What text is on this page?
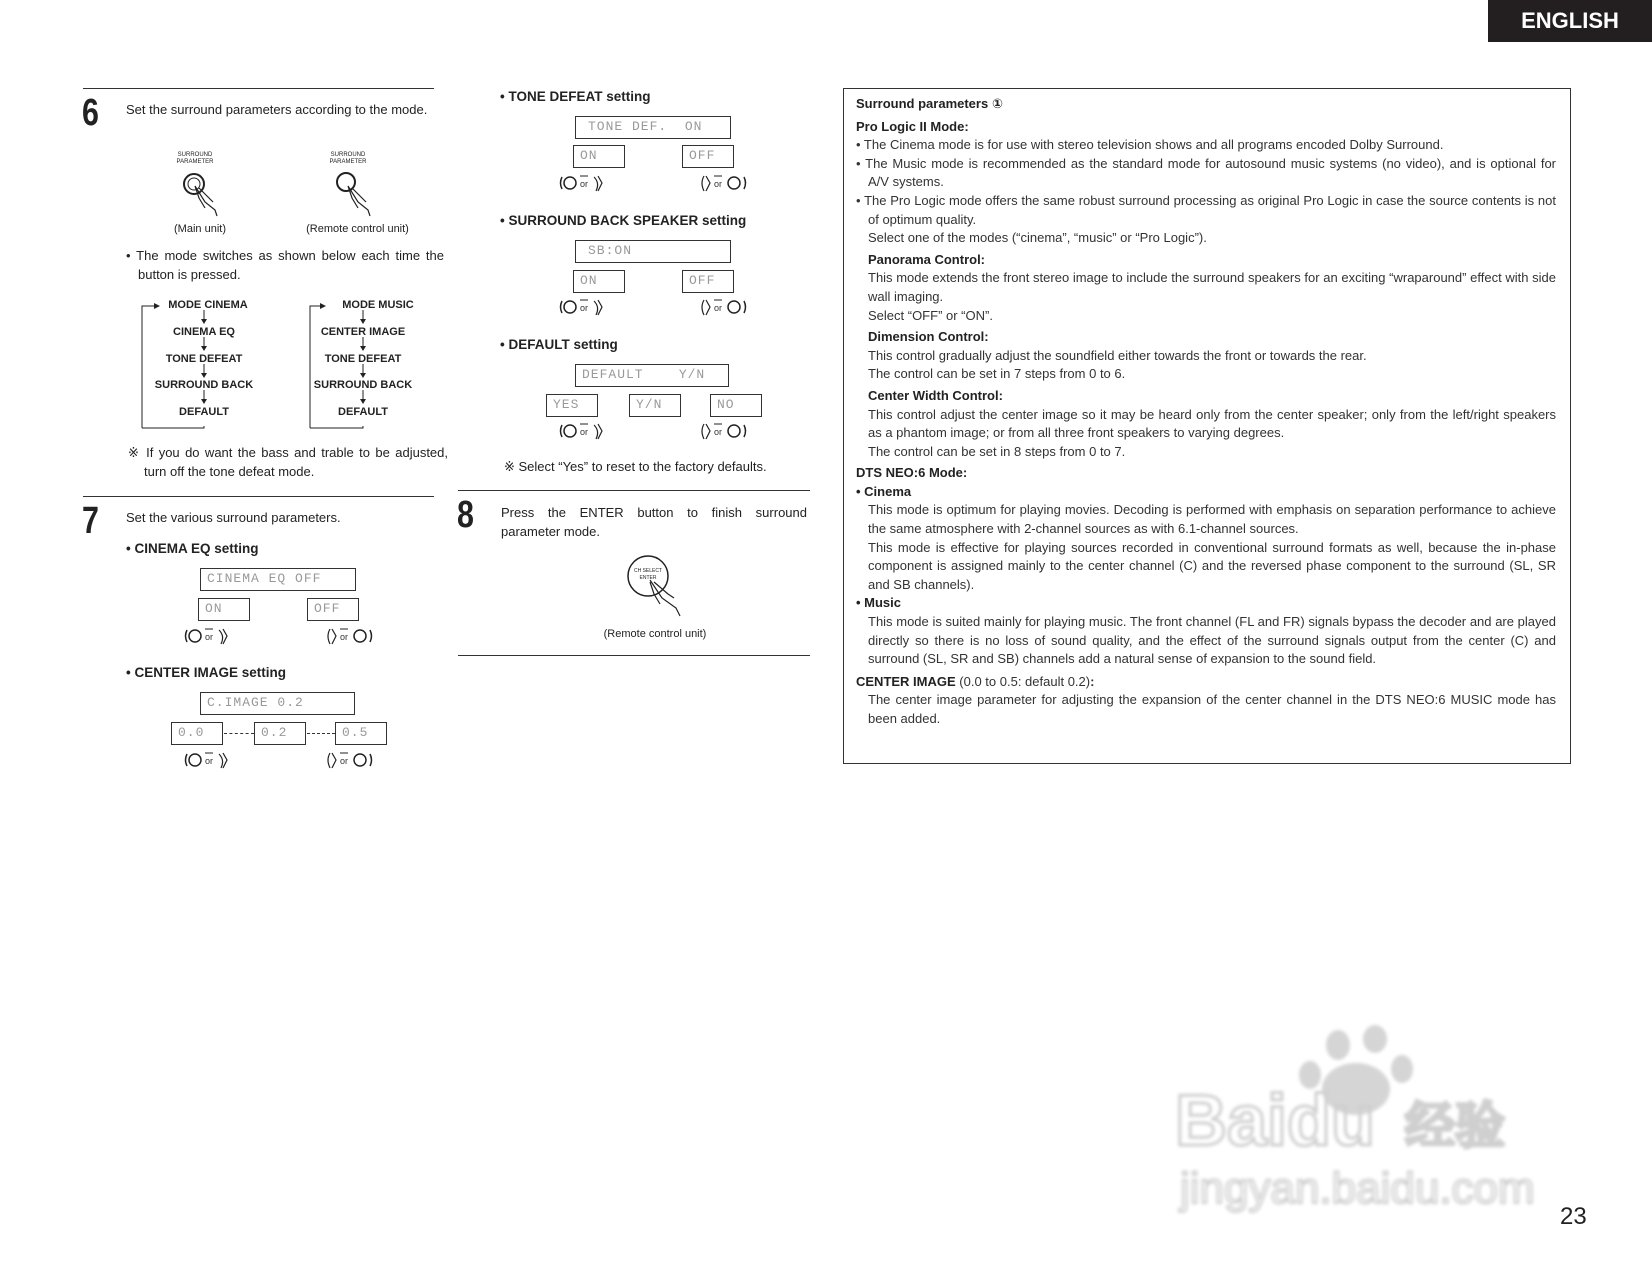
ENGLISH
6 Set the surround parameters according to the mode.
SURROUND PARAMETER
SURROUND PARAMETER
(Main unit)	(Remote control unit)
• The mode switches as shown below each time the button is pressed.
MODE CINEMA
CINEMA EQ
TONE DEFEAT
SURROUND BACK
DEFAULT
MODE MUSIC
CENTER IMAGE
TONE DEFEAT
SURROUND BACK
DEFAULT
※ If you do want the bass and trable to be adjusted, turn off the tone defeat mode.
7 Set the various surround parameters.
• CINEMA EQ setting
CINEMA EQ OFF
ON	OFF
or	or
• CENTER IMAGE setting
C.IMAGE 0.2
0.0	0.2	0.5
or	or
• TONE DEFEAT setting
TONE DEF.  ON
ON	OFF
or	or
• SURROUND BACK SPEAKER setting
SB:ON
ON	OFF
or	or
• DEFAULT setting
DEFAULT    Y/N
YES	Y/N	NO
or	or
※ Select “Yes” to reset to the factory defaults.
8 Press the ENTER button to finish surround parameter mode.
CH SELECT
ENTER
(Remote control unit)

Surround parameters ①

Pro Logic II Mode:

• The Cinema mode is for use with stereo television shows and all programs encoded Dolby Surround.

• The Music mode is recommended as the standard mode for autosound music systems (no video), and is optional for A/V systems.

• The Pro Logic mode offers the same robust surround processing as original Pro Logic in case the source contents is not of optimum quality.

Select one of the modes (“cinema”, “music” or “Pro Logic”).

Panorama Control:

This mode extends the front stereo image to include the surround speakers for an exciting “wraparound” effect with side wall imaging.

Select “OFF” or “ON”.

Dimension Control:

This control gradually adjust the soundfield either towards the front or towards the rear.

The control can be set in 7 steps from 0 to 6.

Center Width Control:

This control adjust the center image so it may be heard only from the center speaker; only from the left/right speakers as a phantom image; or from all three front speakers to varying degrees.

The control can be set in 8 steps from 0 to 7.

DTS NEO:6 Mode:

• Cinema

This mode is optimum for playing movies. Decoding is performed with emphasis on separation performance to achieve the same atmosphere with 2-channel sources as with 6.1-channel sources.

This mode is effective for playing sources recorded in conventional surround formats as well, because the in-phase component is assigned mainly to the center channel (C) and the reversed phase component to the surround (SL, SR and SB channels).

• Music

This mode is suited mainly for playing music. The front channel (FL and FR) signals bypass the decoder and are played directly so there is no loss of sound quality, and the effect of the surround signals output from the center (C) and surround (SL, SR and SB) channels add a natural sense of expansion to the sound field.

CENTER IMAGE (0.0 to 0.5: default 0.2):

The center image parameter for adjusting the expansion of the center channel in the DTS NEO:6 MUSIC mode has been added.

Baidu 经验
jingyan.baidu.com
23
